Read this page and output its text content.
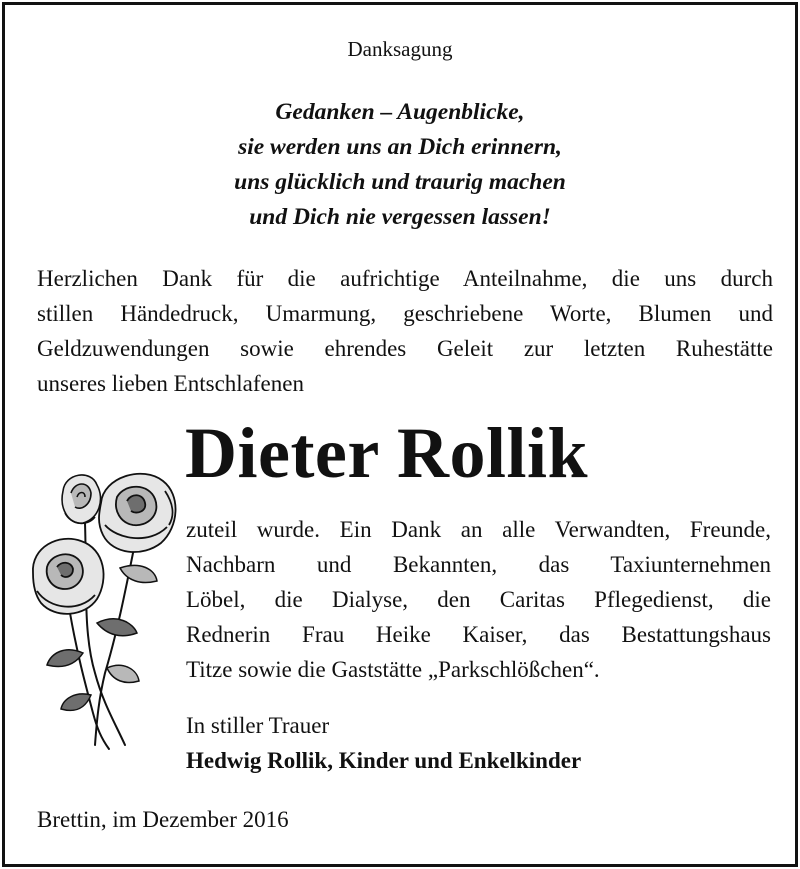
Danksagung
Gedanken – Augenblicke,
sie werden uns an Dich erinnern,
uns glücklich und traurig machen
und Dich nie vergessen lassen!
Herzlichen Dank für die aufrichtige Anteilnahme, die uns durch
stillen Händedruck, Umarmung, geschriebene Worte, Blumen und
Geldzuwendungen sowie ehrendes Geleit zur letzten Ruhestätte
unseres lieben Entschlafenen
Dieter Rollik
zuteil wurde. Ein Dank an alle Verwandten, Freunde,
Nachbarn und Bekannten, das Taxiunternehmen
Löbel, die Dialyse, den Caritas Pflegedienst, die
Rednerin Frau Heike Kaiser, das Bestattungshaus
Titze sowie die Gaststätte „Parkschlößchen“.
In stiller Trauer
Hedwig Rollik, Kinder und Enkelkinder
Brettin, im Dezember 2016
